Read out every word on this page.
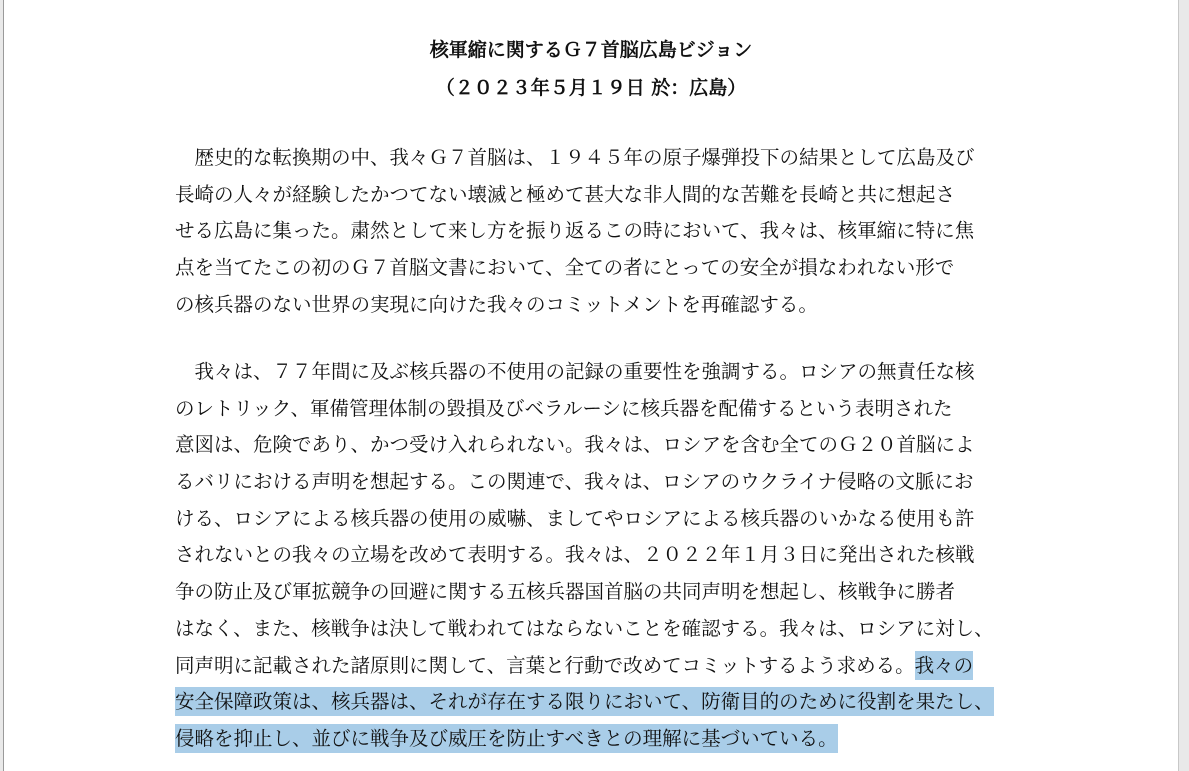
核軍縮に関するＧ７首脳広島ビジョン
（２０２３年５月１９日 於：広島）
　歴史的な転換期の中、我々Ｇ７首脳は、１９４５年の原子爆弾投下の結果として広島及び
長崎の人々が経験したかつてない壊滅と極めて甚大な非人間的な苦難を長崎と共に想起さ
せる広島に集った。粛然として来し方を振り返るこの時において、我々は、核軍縮に特に焦
点を当てたこの初のＧ７首脳文書において、全ての者にとっての安全が損なわれない形で
の核兵器のない世界の実現に向けた我々のコミットメントを再確認する。
　我々は、７７年間に及ぶ核兵器の不使用の記録の重要性を強調する。ロシアの無責任な核
のレトリック、軍備管理体制の毀損及びベラルーシに核兵器を配備するという表明された
意図は、危険であり、かつ受け入れられない。我々は、ロシアを含む全てのＧ２０首脳によ
るバリにおける声明を想起する。この関連で、我々は、ロシアのウクライナ侵略の文脈にお
ける、ロシアによる核兵器の使用の威嚇、ましてやロシアによる核兵器のいかなる使用も許
されないとの我々の立場を改めて表明する。我々は、２０２２年１月３日に発出された核戦
争の防止及び軍拡競争の回避に関する五核兵器国首脳の共同声明を想起し、核戦争に勝者
はなく、また、核戦争は決して戦われてはならないことを確認する。我々は、ロシアに対し、
同声明に記載された諸原則に関して、言葉と行動で改めてコミットするよう求める。我々の
安全保障政策は、核兵器は、それが存在する限りにおいて、防衛目的のために役割を果たし、
侵略を抑止し、並びに戦争及び威圧を防止すべきとの理解に基づいている。
